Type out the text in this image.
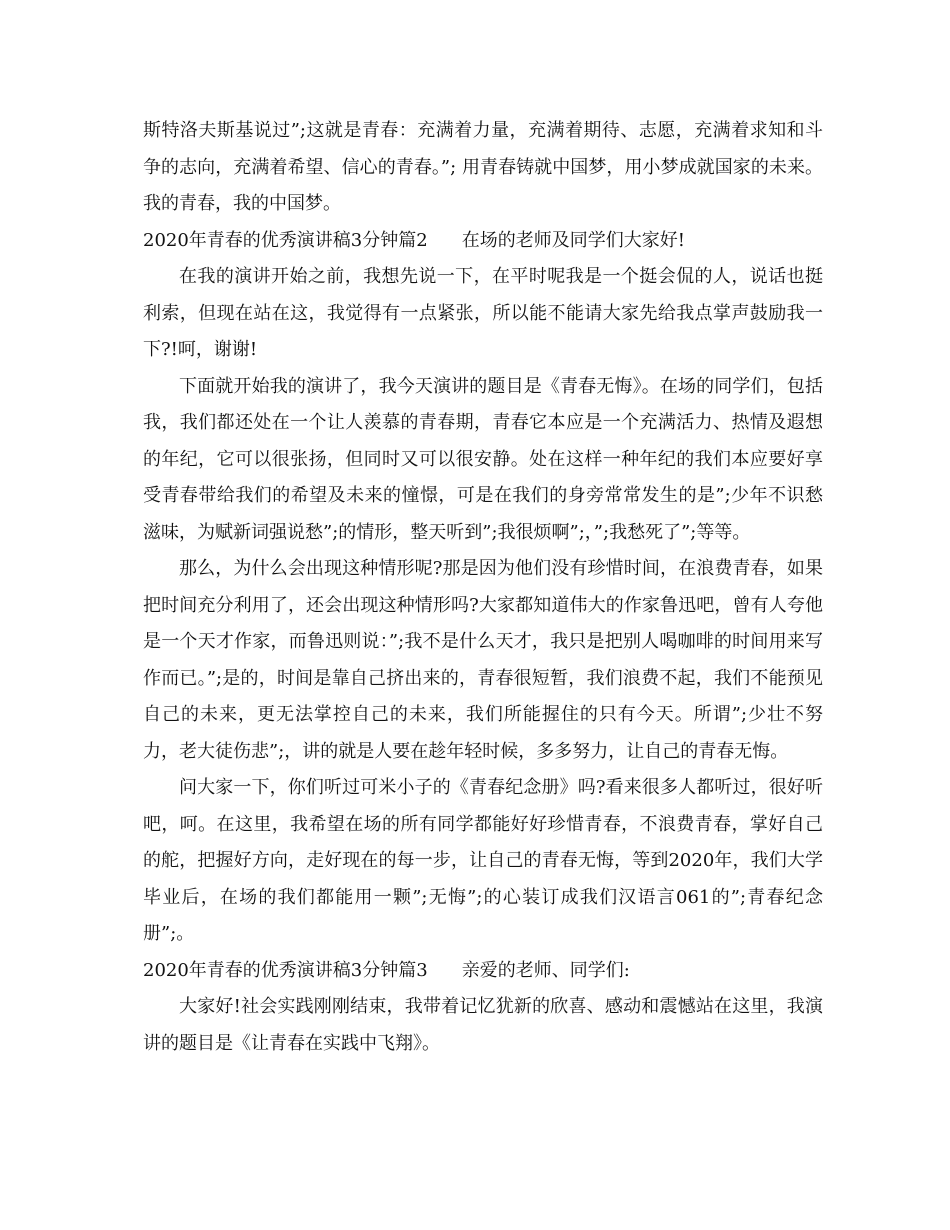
斯特洛夫斯基说过”;这就是青春：充满着力量，充满着期待、志愿，充满着求知和斗争的志向，充满着希望、信心的青春。”; 用青春铸就中国梦，用小梦成就国家的未来。我的青春，我的中国梦。

2020年青春的优秀演讲稿3分钟篇2 在场的老师及同学们大家好!

在我的演讲开始之前，我想先说一下，在平时呢我是一个挺会侃的人，说话也挺利索，但现在站在这，我觉得有一点紧张，所以能不能请大家先给我点掌声鼓励我一下?!呵，谢谢!

下面就开始我的演讲了，我今天演讲的题目是《青春无悔》。在场的同学们，包括我，我们都还处在一个让人羡慕的青春期，青春它本应是一个充满活力、热情及遐想的年纪，它可以很张扬，但同时又可以很安静。处在这样一种年纪的我们本应要好享受青春带给我们的希望及未来的憧憬，可是在我们的身旁常常发生的是”;少年不识愁滋味，为赋新词强说愁”;的情形，整天听到”;我很烦啊”;，”;我愁死了”;等等。

那么，为什么会出现这种情形呢?那是因为他们没有珍惜时间，在浪费青春，如果把时间充分利用了，还会出现这种情形吗?大家都知道伟大的作家鲁迅吧，曾有人夸他是一个天才作家，而鲁迅则说：”;我不是什么天才，我只是把别人喝咖啡的时间用来写作而已。”;是的，时间是靠自己挤出来的，青春很短暂，我们浪费不起，我们不能预见自己的未来，更无法掌控自己的未来，我们所能握住的只有今天。所谓”;少壮不努力，老大徒伤悲”;，讲的就是人要在趁年轻时候，多多努力，让自己的青春无悔。

问大家一下，你们听过可米小子的《青春纪念册》吗?看来很多人都听过，很好听吧，呵。在这里，我希望在场的所有同学都能好好珍惜青春，不浪费青春，掌好自己的舵，把握好方向，走好现在的每一步，让自己的青春无悔，等到2020年，我们大学毕业后，在场的我们都能用一颗”;无悔”;的心装订成我们汉语言061的”;青春纪念册”;。

2020年青春的优秀演讲稿3分钟篇3 亲爱的老师、同学们:

大家好!社会实践刚刚结束，我带着记忆犹新的欣喜、感动和震憾站在这里，我演讲的题目是《让青春在实践中飞翔》。
